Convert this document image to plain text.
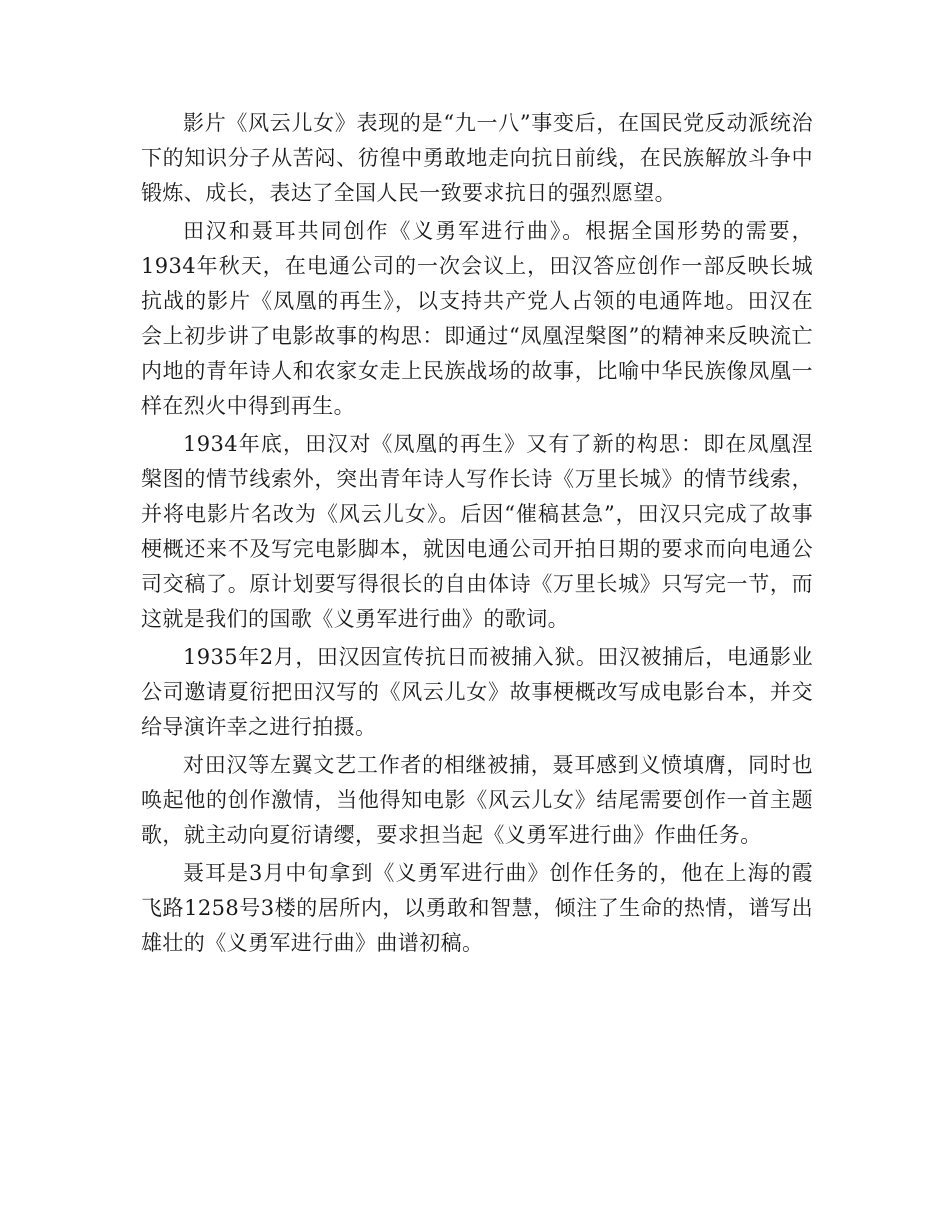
影片《风云儿女》表现的是“九一八”事变后，在国民党反动派统治下的知识分子从苦闷、彷徨中勇敢地走向抗日前线，在民族解放斗争中锻炼、成长，表达了全国人民一致要求抗日的强烈愿望。

田汉和聂耳共同创作《义勇军进行曲》。根据全国形势的需要，1934年秋天，在电通公司的一次会议上，田汉答应创作一部反映长城抗战的影片《凤凰的再生》，以支持共产党人占领的电通阵地。田汉在会上初步讲了电影故事的构思：即通过“凤凰涅槃图”的精神来反映流亡内地的青年诗人和农家女走上民族战场的故事，比喻中华民族像凤凰一样在烈火中得到再生。

1934年底，田汉对《凤凰的再生》又有了新的构思：即在凤凰涅槃图的情节线索外，突出青年诗人写作长诗《万里长城》的情节线索，并将电影片名改为《风云儿女》。后因“催稿甚急”，田汉只完成了故事梗概还来不及写完电影脚本，就因电通公司开拍日期的要求而向电通公司交稿了。原计划要写得很长的自由体诗《万里长城》只写完一节，而这就是我们的国歌《义勇军进行曲》的歌词。

1935年2月，田汉因宣传抗日而被捕入狱。田汉被捕后，电通影业公司邀请夏衍把田汉写的《风云儿女》故事梗概改写成电影台本，并交给导演许幸之进行拍摄。

对田汉等左翼文艺工作者的相继被捕，聂耳感到义愤填膺，同时也唤起他的创作激情，当他得知电影《风云儿女》结尾需要创作一首主题歌，就主动向夏衍请缨，要求担当起《义勇军进行曲》作曲任务。

聂耳是3月中旬拿到《义勇军进行曲》创作任务的，他在上海的霞飞路1258号3楼的居所内，以勇敢和智慧，倾注了生命的热情，谱写出雄壮的《义勇军进行曲》曲谱初稿。
